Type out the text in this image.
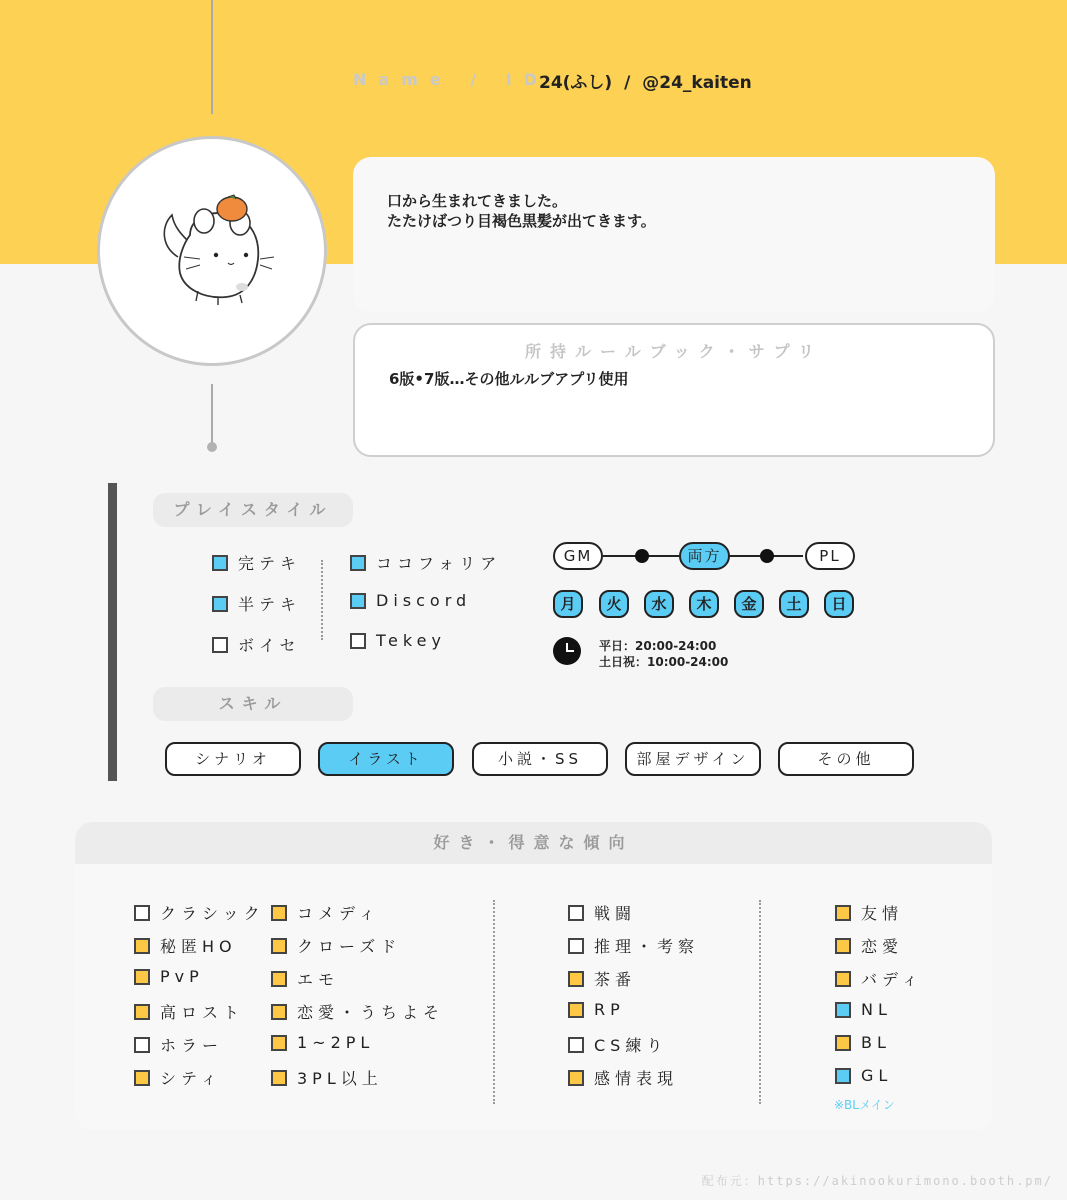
Name / ID
24(ふし) / @24_kaiten

口から生まれてきました。

たたけばつり目褐色黒髪が出てきます。

所持ルールブック・サプリ
6版•7版…その他ルルブアプリ使用
プレイスタイル
完テキ
半テキ
ボイセ
ココフォリア
Discord
Tekey
GM	両方	PL
月	火	水	木	金	土	日
平日：20:00-24:00
土日祝：10:00-24:00
スキル
シナリオ	イラスト	小説・SS	部屋デザイン	その他
好き・得意な傾向
クラシック
秘匿HO
PvP
高ロスト
ホラー
シティ
コメディ
クローズド
エモ
恋愛・うちよそ
1~2PL
3PL以上
戦闘
推理・考察
茶番
RP
CS練り
感情表現
友情
恋愛
バディ
NL
BL
GL
※BLメイン
配布元：https://akinookurimono.booth.pm/
